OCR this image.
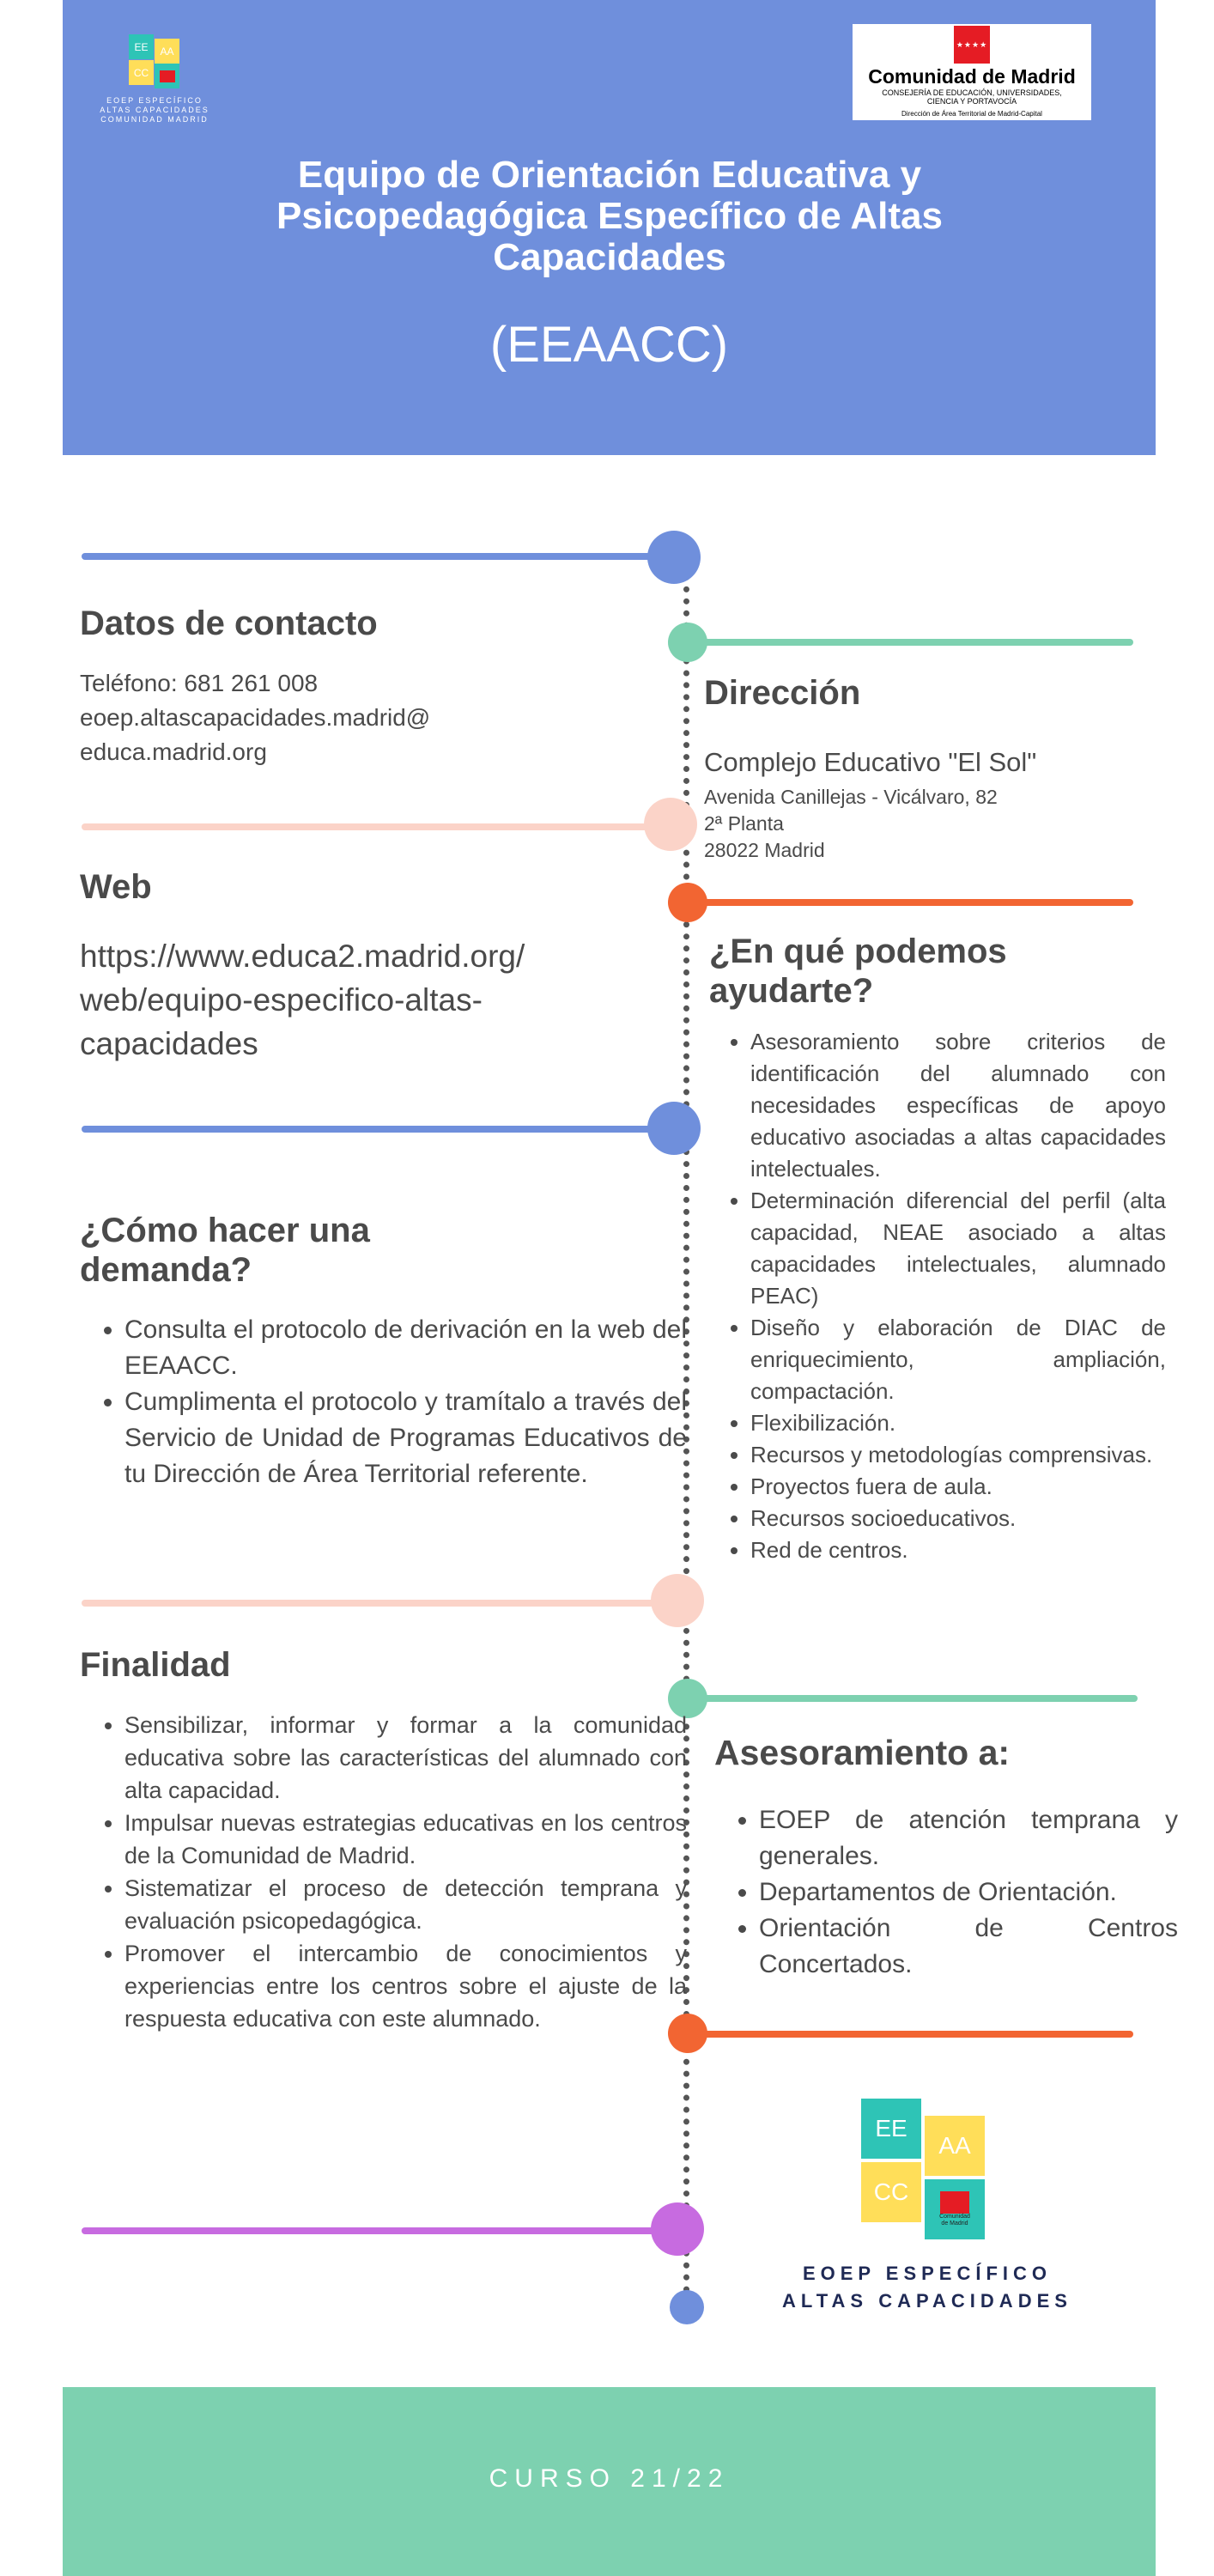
EE	AA
CC
EOEP ESPECÍFICO
ALTAS CAPACIDADES
COMUNIDAD MADRID
★★★★
Comunidad de Madrid
CONSEJERÍA DE EDUCACIÓN, UNIVERSIDADES,
CIENCIA Y PORTAVOCÍA
Dirección de Área Territorial de Madrid-Capital
Equipo de Orientación Educativa y
Psicopedagógica Específico de Altas
Capacidades
(EEAACC)
Datos de contacto
Teléfono: 681 261 008
eoep.altascapacidades.madrid@
educa.madrid.org
Dirección
Complejo Educativo "El Sol"
Avenida Canillejas - Vicálvaro, 82
2ª Planta
28022 Madrid
Web
https://www.educa2.madrid.org/
web/equipo-especifico-altas-
capacidades
¿En qué podemos
ayudarte?
• Asesoramiento sobre criterios de identificación del alumnado con necesidades específicas de apoyo educativo asociadas a altas capacidades intelectuales.
• Determinación diferencial del perfil (alta capacidad, NEAE asociado a altas capacidades intelectuales, alumnado PEAC)
• Diseño y elaboración de DIAC de enriquecimiento, ampliación, compactación.
• Flexibilización.
• Recursos y metodologías comprensivas.
• Proyectos fuera de aula.
• Recursos socioeducativos.
• Red de centros.
¿Cómo hacer una
demanda?
• Consulta el protocolo de derivación en la web del EEAACC.
• Cumplimenta el protocolo y tramítalo a través del Servicio de Unidad de Programas Educativos de tu Dirección de Área Territorial referente.
Finalidad
• Sensibilizar, informar y formar a la comunidad educativa sobre las características del alumnado con alta capacidad.
• Impulsar nuevas estrategias educativas en los centros de la Comunidad de Madrid.
• Sistematizar el proceso de detección temprana y evaluación psicopedagógica.
• Promover el intercambio de conocimientos y experiencias entre los centros sobre el ajuste de la respuesta educativa con este alumnado.
Asesoramiento a:
• EOEP de atención temprana y generales.
• Departamentos de Orientación.
• Orientación de Centros Concertados.
EE
AA
CC
Comunidad
de Madrid
EOEP ESPECÍFICO
ALTAS CAPACIDADES
CURSO 21/22
